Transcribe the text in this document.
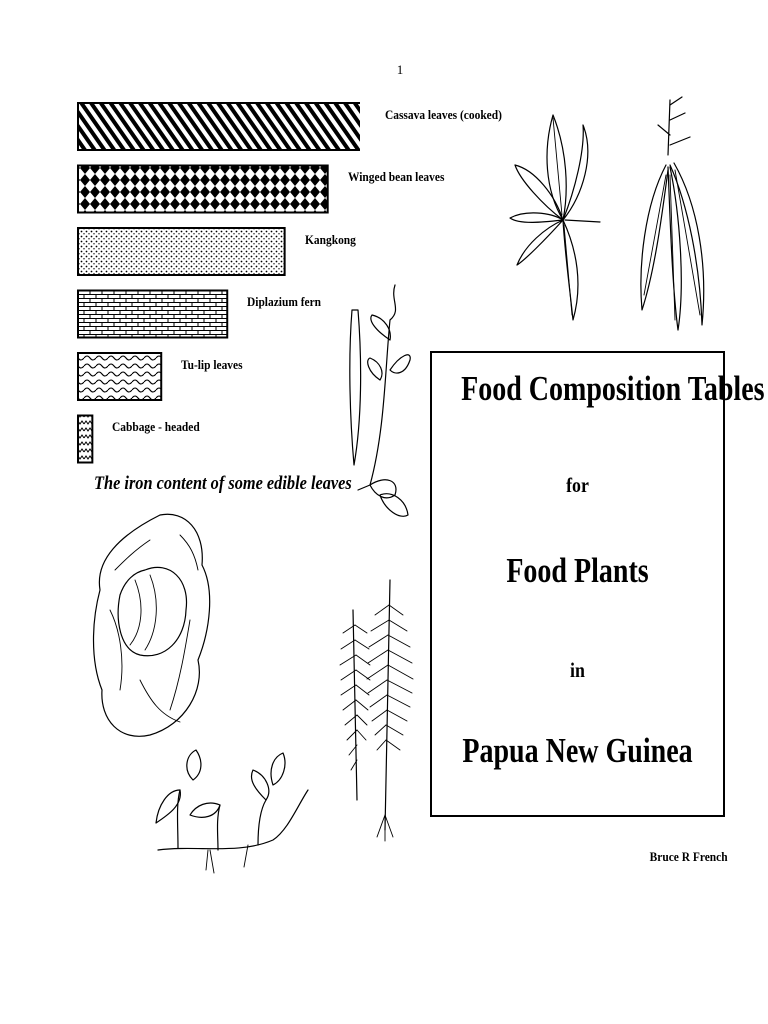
1
Cassava leaves (cooked)
Winged bean leaves
Kangkong
Diplazium fern
Tu-lip leaves
Cabbage - headed
The iron content of some edible leaves
Food Composition Tables
for
Food Plants
in
Papua New Guinea
Bruce R French
